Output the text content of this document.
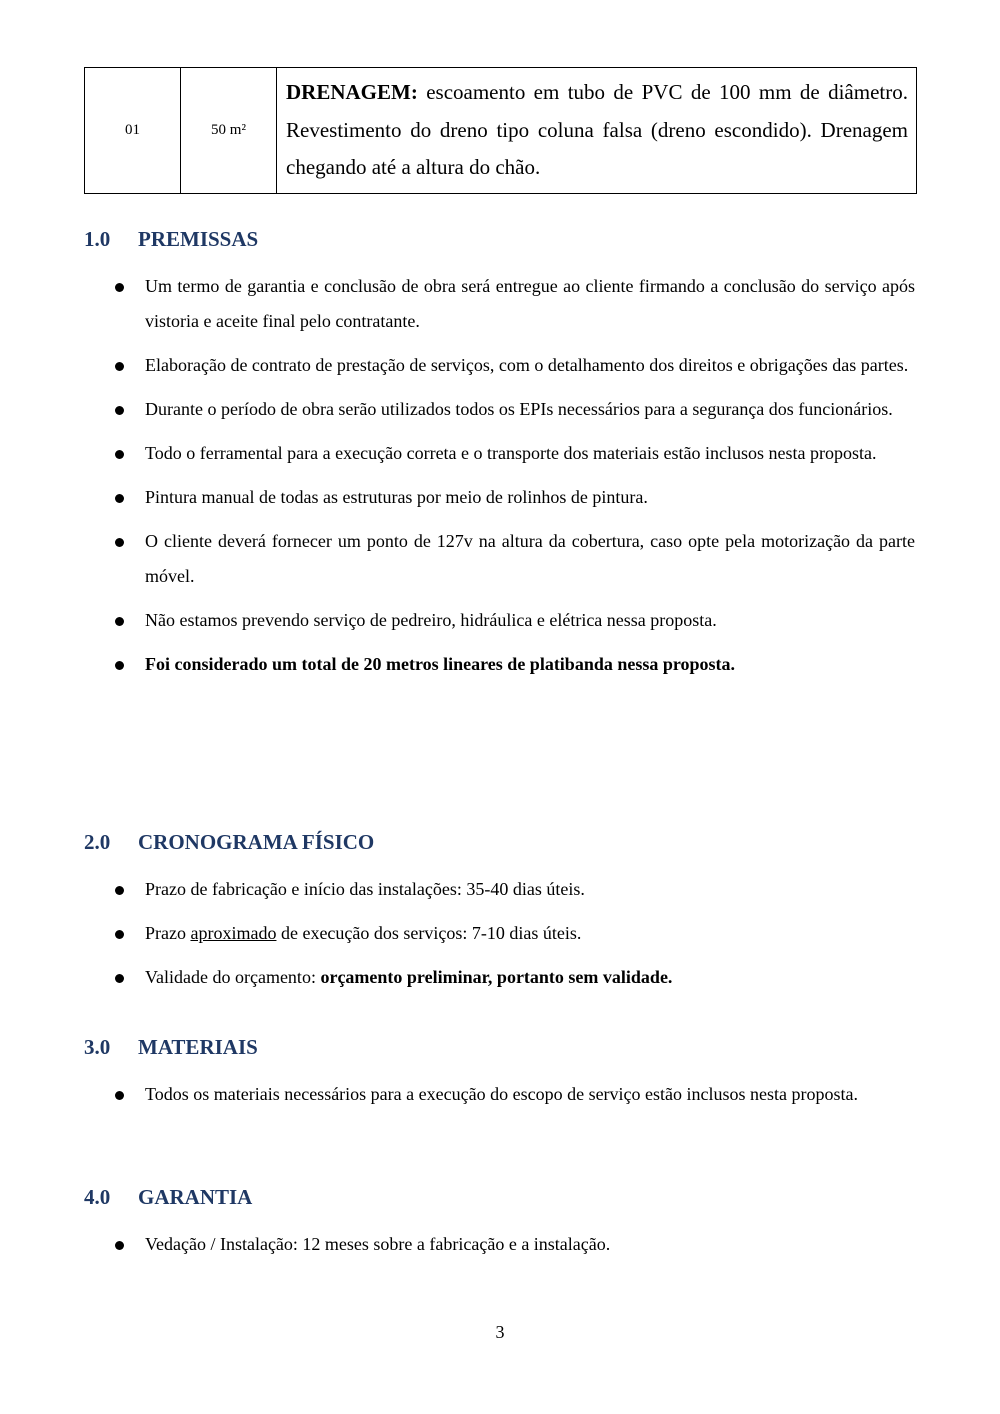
01	50 m²	DRENAGEM: escoamento em tubo de PVC de 100 mm de diâmetro. Revestimento do dreno tipo coluna falsa (dreno escondido). Drenagem chegando até a altura do chão.
1.0 PREMISSAS
Um termo de garantia e conclusão de obra será entregue ao cliente firmando a conclusão do serviço após vistoria e aceite final pelo contratante.
Elaboração de contrato de prestação de serviços, com o detalhamento dos direitos e obrigações das partes.
Durante o período de obra serão utilizados todos os EPIs necessários para a segurança dos funcionários.
Todo o ferramental para a execução correta e o transporte dos materiais estão inclusos nesta proposta.
Pintura manual de todas as estruturas por meio de rolinhos de pintura.
O cliente deverá fornecer um ponto de 127v na altura da cobertura, caso opte pela motorização da parte móvel.
Não estamos prevendo serviço de pedreiro, hidráulica e elétrica nessa proposta.
Foi considerado um total de 20 metros lineares de platibanda nessa proposta.
2.0 CRONOGRAMA FÍSICO
Prazo de fabricação e início das instalações: 35-40 dias úteis.
Prazo aproximado de execução dos serviços: 7-10 dias úteis.
Validade do orçamento: orçamento preliminar, portanto sem validade.
3.0 MATERIAIS
Todos os materiais necessários para a execução do escopo de serviço estão inclusos nesta proposta.
4.0 GARANTIA
Vedação / Instalação: 12 meses sobre a fabricação e a instalação.
3
